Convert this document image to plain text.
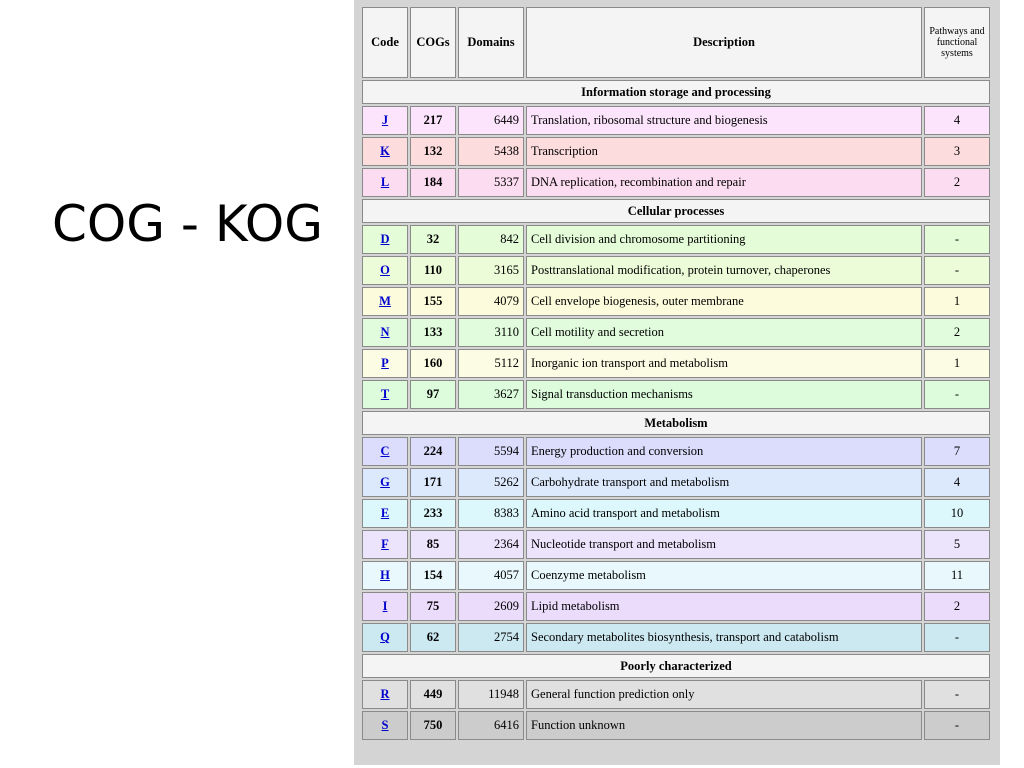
COG - KOG
Code	COGs	Domains	Description	Pathways and functional systems
Information storage and processing				
J	217	6449	Translation, ribosomal structure and biogenesis	4
K	132	5438	Transcription	3
L	184	5337	DNA replication, recombination and repair	2
Cellular processes				
D	32	842	Cell division and chromosome partitioning	-
O	110	3165	Posttranslational modification, protein turnover, chaperones	-
M	155	4079	Cell envelope biogenesis, outer membrane	1
N	133	3110	Cell motility and secretion	2
P	160	5112	Inorganic ion transport and metabolism	1
T	97	3627	Signal transduction mechanisms	-
Metabolism				
C	224	5594	Energy production and conversion	7
G	171	5262	Carbohydrate transport and metabolism	4
E	233	8383	Amino acid transport and metabolism	10
F	85	2364	Nucleotide transport and metabolism	5
H	154	4057	Coenzyme metabolism	11
I	75	2609	Lipid metabolism	2
Q	62	2754	Secondary metabolites biosynthesis, transport and catabolism	-
Poorly characterized				
R	449	11948	General function prediction only	-
S	750	6416	Function unknown	-
